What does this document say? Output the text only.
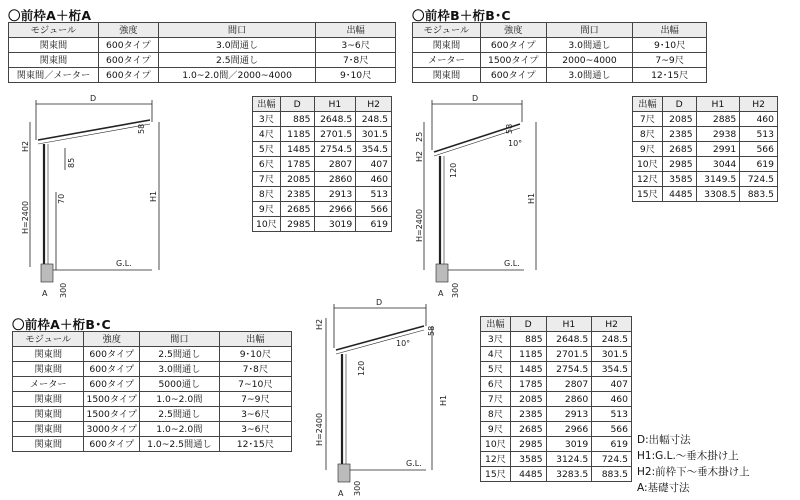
〇前枠A＋桁A
モジュール	強度	間口	出幅
関東間	600タイプ	3.0間通し	3~6尺
関東間	600タイプ	2.5間通し	7･8尺
関東間／メーター	600タイプ	1.0~2.0間／2000~4000	9･10尺
〇前枠B＋桁B･C
モジュール	強度	間口	出幅
関東間	600タイプ	3.0間通し	9･10尺
メーター	1500タイプ	2000~4000	7~9尺
関東間	600タイプ	3.0間通し	12･15尺
〇前枠A＋桁B･C
モジュール	強度	間口	出幅
関東間	600タイプ	2.5間通し	9･10尺
関東間	600タイプ	3.0間通し	7･8尺
メーター	600タイプ	5000通し	7~10尺
関東間	1500タイプ	1.0~2.0間	7~9尺
関東間	1500タイプ	2.5間通し	3~6尺
関東間	3000タイプ	1.0~2.0間	3~6尺
関東間	600タイプ	1.0~2.5間通し	12･15尺
出幅	D	H1	H2
3尺	885	2648.5	248.5
4尺	1185	2701.5	301.5
5尺	1485	2754.5	354.5
6尺	1785	2807	407
7尺	2085	2860	460
8尺	2385	2913	513
9尺	2685	2966	566
10尺	2985	3019	619
出幅	D	H1	H2
7尺	2085	2885	460
8尺	2385	2938	513
9尺	2685	2991	566
10尺	2985	3044	619
12尺	3585	3149.5	724.5
15尺	4485	3308.5	883.5
出幅	D	H1	H2
3尺	885	2648.5	248.5
4尺	1185	2701.5	301.5
5尺	1485	2754.5	354.5
6尺	1785	2807	407
7尺	2085	2860	460
8尺	2385	2913	513
9尺	2685	2966	566
10尺	2985	3019	619
12尺	3585	3124.5	724.5
15尺	4485	3283.5	883.5
D
H2
H=2400
H1
58
85
70
G.L.
A 300
D
H2
25
H=2400
H1
58
120
10°
G.L.
A 300
D
H2
H=2400
H1
58
120
10°
G.L.
A 300
D:出幅寸法
H1:G.L.～垂木掛け上
H2:前枠下～垂木掛け上
A:基礎寸法
